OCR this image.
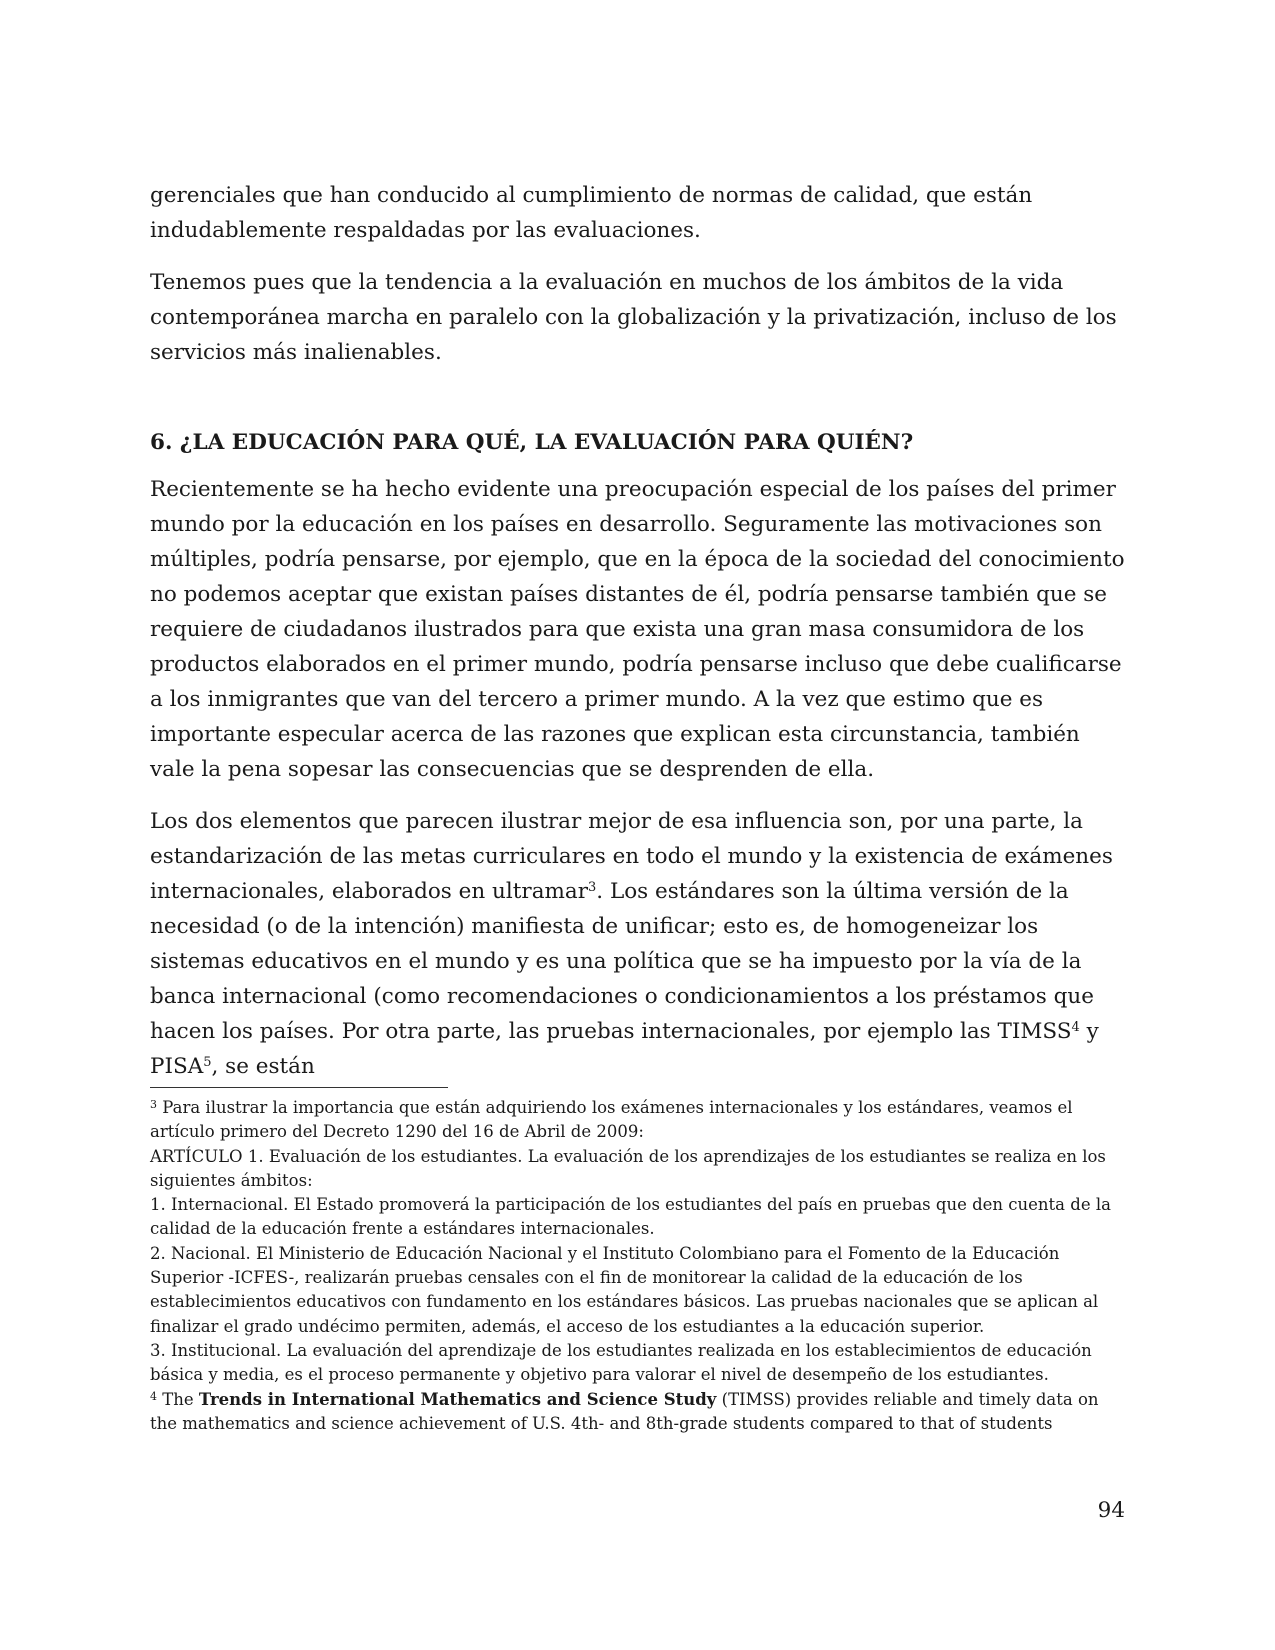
gerenciales que han conducido al cumplimiento de normas de calidad, que están indudablemente respaldadas por las evaluaciones.

Tenemos pues que la tendencia a la evaluación en muchos de los ámbitos de la vida contemporánea marcha en paralelo con la globalización y la privatización, incluso de los servicios más inalienables.

6. ¿LA EDUCACIÓN PARA QUÉ, LA EVALUACIÓN PARA QUIÉN?

Recientemente se ha hecho evidente una preocupación especial de los países del primer mundo por la educación en los países en desarrollo. Seguramente las motivaciones son múltiples, podría pensarse, por ejemplo, que en la época de la sociedad del conocimiento no podemos aceptar que existan países distantes de él, podría pensarse también que se requiere de ciudadanos ilustrados para que exista una gran masa consumidora de los productos elaborados en el primer mundo, podría pensarse incluso que debe cualificarse a los inmigrantes que van del tercero a primer mundo. A la vez que estimo que es importante especular acerca de las razones que explican esta circunstancia, también vale la pena sopesar las consecuencias que se desprenden de ella.

Los dos elementos que parecen ilustrar mejor de esa influencia son, por una parte, la estandarización de las metas curriculares en todo el mundo y la existencia de exámenes internacionales, elaborados en ultramar$^3$. Los estándares son la última versión de la necesidad (o de la intención) manifiesta de unificar; esto es, de homogeneizar los sistemas educativos en el mundo y es una política que se ha impuesto por la vía de la banca internacional (como recomendaciones o condicionamientos a los préstamos que hacen los países. Por otra parte, las pruebas internacionales, por ejemplo las TIMSS$^4$ y PISA$^5$, se están

$^3$ Para ilustrar la importancia que están adquiriendo los exámenes internacionales y los estándares, veamos el artículo primero del Decreto 1290 del 16 de Abril de 2009:

ARTÍCULO 1. Evaluación de los estudiantes. La evaluación de los aprendizajes de los estudiantes se realiza en los siguientes ámbitos:

1. Internacional. El Estado promoverá la participación de los estudiantes del país en pruebas que den cuenta de la calidad de la educación frente a estándares internacionales.

2. Nacional. El Ministerio de Educación Nacional y el Instituto Colombiano para el Fomento de la Educación Superior -ICFES-, realizarán pruebas censales con el fin de monitorear la calidad de la educación de los establecimientos educativos con fundamento en los estándares básicos. Las pruebas nacionales que se aplican al finalizar el grado undécimo permiten, además, el acceso de los estudiantes a la educación superior.

3. Institucional. La evaluación del aprendizaje de los estudiantes realizada en los establecimientos de educación básica y media, es el proceso permanente y objetivo para valorar el nivel de desempeño de los estudiantes.

$^4$ The Trends in International Mathematics and Science Study (TIMSS) provides reliable and timely data on the mathematics and science achievement of U.S. 4th- and 8th-grade students compared to that of students

94
